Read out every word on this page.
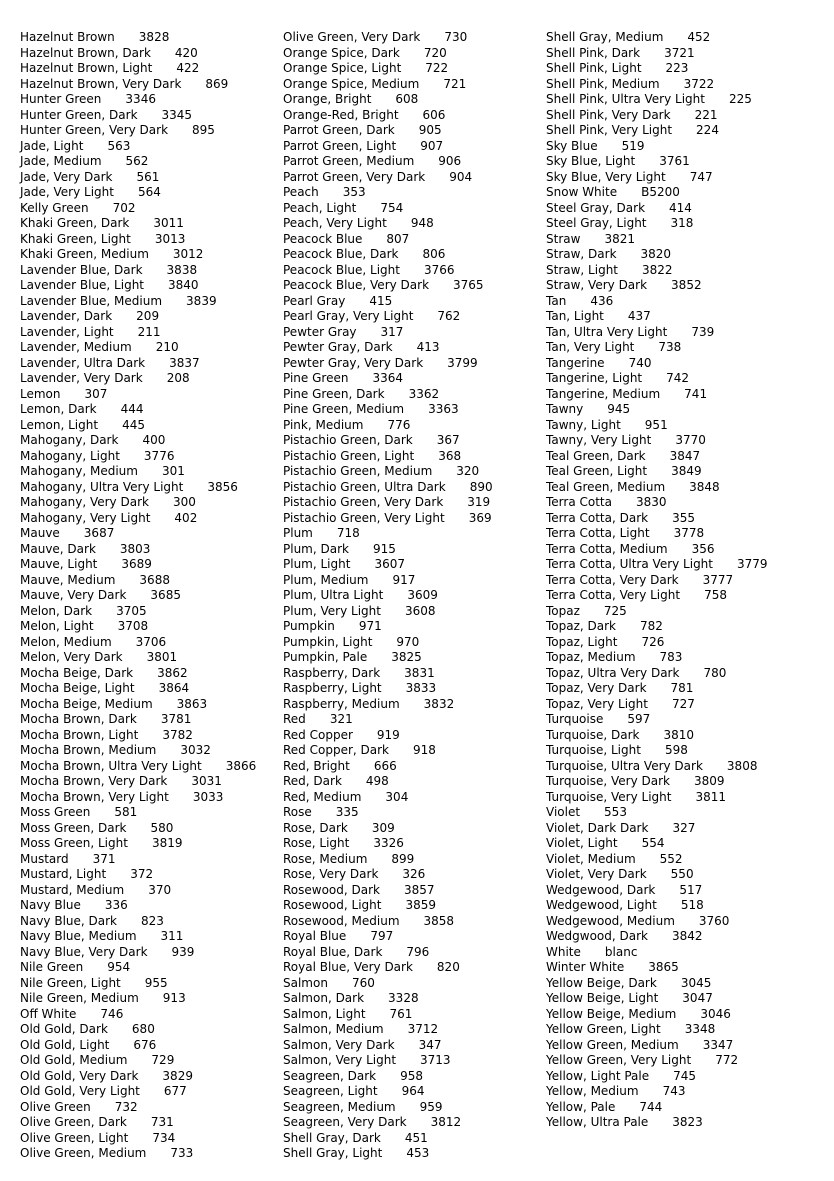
Hazelnut Brown 3828
Hazelnut Brown, Dark 420
Hazelnut Brown, Light 422
Hazelnut Brown, Very Dark 869
Hunter Green 3346
Hunter Green, Dark 3345
Hunter Green, Very Dark 895
Jade, Light 563
Jade, Medium 562
Jade, Very Dark 561
Jade, Very Light 564
Kelly Green 702
Khaki Green, Dark 3011
Khaki Green, Light 3013
Khaki Green, Medium 3012
Lavender Blue, Dark 3838
Lavender Blue, Light 3840
Lavender Blue, Medium 3839
Lavender, Dark 209
Lavender, Light 211
Lavender, Medium 210
Lavender, Ultra Dark 3837
Lavender, Very Dark 208
Lemon 307
Lemon, Dark 444
Lemon, Light 445
Mahogany, Dark 400
Mahogany, Light 3776
Mahogany, Medium 301
Mahogany, Ultra Very Light 3856
Mahogany, Very Dark 300
Mahogany, Very Light 402
Mauve 3687
Mauve, Dark 3803
Mauve, Light 3689
Mauve, Medium 3688
Mauve, Very Dark 3685
Melon, Dark 3705
Melon, Light 3708
Melon, Medium 3706
Melon, Very Dark 3801
Mocha Beige, Dark 3862
Mocha Beige, Light 3864
Mocha Beige, Medium 3863
Mocha Brown, Dark 3781
Mocha Brown, Light 3782
Mocha Brown, Medium 3032
Mocha Brown, Ultra Very Light 3866
Mocha Brown, Very Dark 3031
Mocha Brown, Very Light 3033
Moss Green 581
Moss Green, Dark 580
Moss Green, Light 3819
Mustard 371
Mustard, Light 372
Mustard, Medium 370
Navy Blue 336
Navy Blue, Dark 823
Navy Blue, Medium 311
Navy Blue, Very Dark 939
Nile Green 954
Nile Green, Light 955
Nile Green, Medium 913
Off White 746
Old Gold, Dark 680
Old Gold, Light 676
Old Gold, Medium 729
Old Gold, Very Dark 3829
Old Gold, Very Light 677
Olive Green 732
Olive Green, Dark 731
Olive Green, Light 734
Olive Green, Medium 733
Olive Green, Very Dark 730
Orange Spice, Dark 720
Orange Spice, Light 722
Orange Spice, Medium 721
Orange, Bright 608
Orange-Red, Bright 606
Parrot Green, Dark 905
Parrot Green, Light 907
Parrot Green, Medium 906
Parrot Green, Very Dark 904
Peach 353
Peach, Light 754
Peach, Very Light 948
Peacock Blue 807
Peacock Blue, Dark 806
Peacock Blue, Light 3766
Peacock Blue, Very Dark 3765
Pearl Gray 415
Pearl Gray, Very Light 762
Pewter Gray 317
Pewter Gray, Dark 413
Pewter Gray, Very Dark 3799
Pine Green 3364
Pine Green, Dark 3362
Pine Green, Medium 3363
Pink, Medium 776
Pistachio Green, Dark 367
Pistachio Green, Light 368
Pistachio Green, Medium 320
Pistachio Green, Ultra Dark 890
Pistachio Green, Very Dark 319
Pistachio Green, Very Light 369
Plum 718
Plum, Dark 915
Plum, Light 3607
Plum, Medium 917
Plum, Ultra Light 3609
Plum, Very Light 3608
Pumpkin 971
Pumpkin, Light 970
Pumpkin, Pale 3825
Raspberry, Dark 3831
Raspberry, Light 3833
Raspberry, Medium 3832
Red 321
Red Copper 919
Red Copper, Dark 918
Red, Bright 666
Red, Dark 498
Red, Medium 304
Rose 335
Rose, Dark 309
Rose, Light 3326
Rose, Medium 899
Rose, Very Dark 326
Rosewood, Dark 3857
Rosewood, Light 3859
Rosewood, Medium 3858
Royal Blue 797
Royal Blue, Dark 796
Royal Blue, Very Dark 820
Salmon 760
Salmon, Dark 3328
Salmon, Light 761
Salmon, Medium 3712
Salmon, Very Dark 347
Salmon, Very Light 3713
Seagreen, Dark 958
Seagreen, Light 964
Seagreen, Medium 959
Seagreen, Very Dark 3812
Shell Gray, Dark 451
Shell Gray, Light 453
Shell Gray, Medium 452
Shell Pink, Dark 3721
Shell Pink, Light 223
Shell Pink, Medium 3722
Shell Pink, Ultra Very Light 225
Shell Pink, Very Dark 221
Shell Pink, Very Light 224
Sky Blue 519
Sky Blue, Light 3761
Sky Blue, Very Light 747
Snow White B5200
Steel Gray, Dark 414
Steel Gray, Light 318
Straw 3821
Straw, Dark 3820
Straw, Light 3822
Straw, Very Dark 3852
Tan 436
Tan, Light 437
Tan, Ultra Very Light 739
Tan, Very Light 738
Tangerine 740
Tangerine, Light 742
Tangerine, Medium 741
Tawny 945
Tawny, Light 951
Tawny, Very Light 3770
Teal Green, Dark 3847
Teal Green, Light 3849
Teal Green, Medium 3848
Terra Cotta 3830
Terra Cotta, Dark 355
Terra Cotta, Light 3778
Terra Cotta, Medium 356
Terra Cotta, Ultra Very Light 3779
Terra Cotta, Very Dark 3777
Terra Cotta, Very Light 758
Topaz 725
Topaz, Dark 782
Topaz, Light 726
Topaz, Medium 783
Topaz, Ultra Very Dark 780
Topaz, Very Dark 781
Topaz, Very Light 727
Turquoise 597
Turquoise, Dark 3810
Turquoise, Light 598
Turquoise, Ultra Very Dark 3808
Turquoise, Very Dark 3809
Turquoise, Very Light 3811
Violet 553
Violet, Dark Dark 327
Violet, Light 554
Violet, Medium 552
Violet, Very Dark 550
Wedgewood, Dark 517
Wedgewood, Light 518
Wedgewood, Medium 3760
Wedgwood, Dark 3842
White blanc
Winter White 3865
Yellow Beige, Dark 3045
Yellow Beige, Light 3047
Yellow Beige, Medium 3046
Yellow Green, Light 3348
Yellow Green, Medium 3347
Yellow Green, Very Light 772
Yellow, Light Pale 745
Yellow, Medium 743
Yellow, Pale 744
Yellow, Ultra Pale 3823
